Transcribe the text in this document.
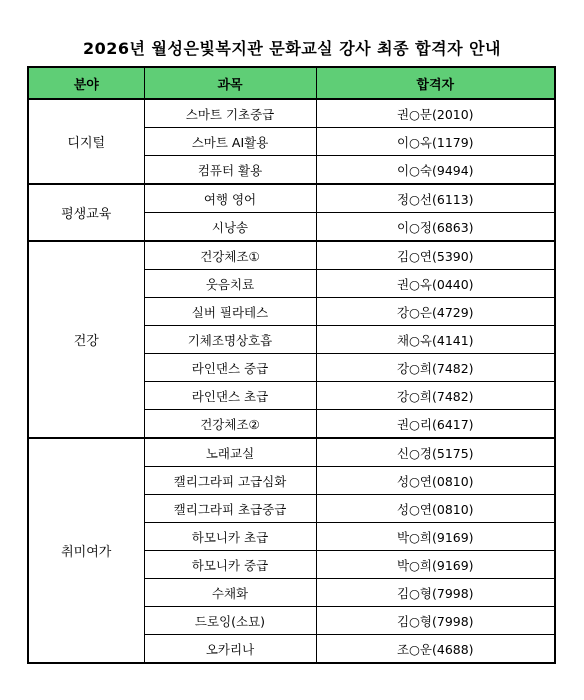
2026년 월성은빛복지관 문화교실 강사 최종 합격자 안내
분야	과목	합격자
디지털	스마트 기초중급	권○문(2010)
	스마트 AI활용	이○옥(1179)
	컴퓨터 활용	이○숙(9494)
평생교육	여행 영어	정○선(6113)
	시낭송	이○정(6863)
건강	건강체조①	김○연(5390)
	웃음치료	권○옥(0440)
	실버 필라테스	강○은(4729)
	기체조명상호흡	채○옥(4141)
	라인댄스 중급	강○희(7482)
	라인댄스 초급	강○희(7482)
	건강체조②	권○리(6417)
취미여가	노래교실	신○경(5175)
	캘리그라피 고급심화	성○연(0810)
	캘리그라피 초급중급	성○연(0810)
	하모니카 초급	박○희(9169)
	하모니카 중급	박○희(9169)
	수채화	김○형(7998)
	드로잉(소묘)	김○형(7998)
	오카리나	조○운(4688)
